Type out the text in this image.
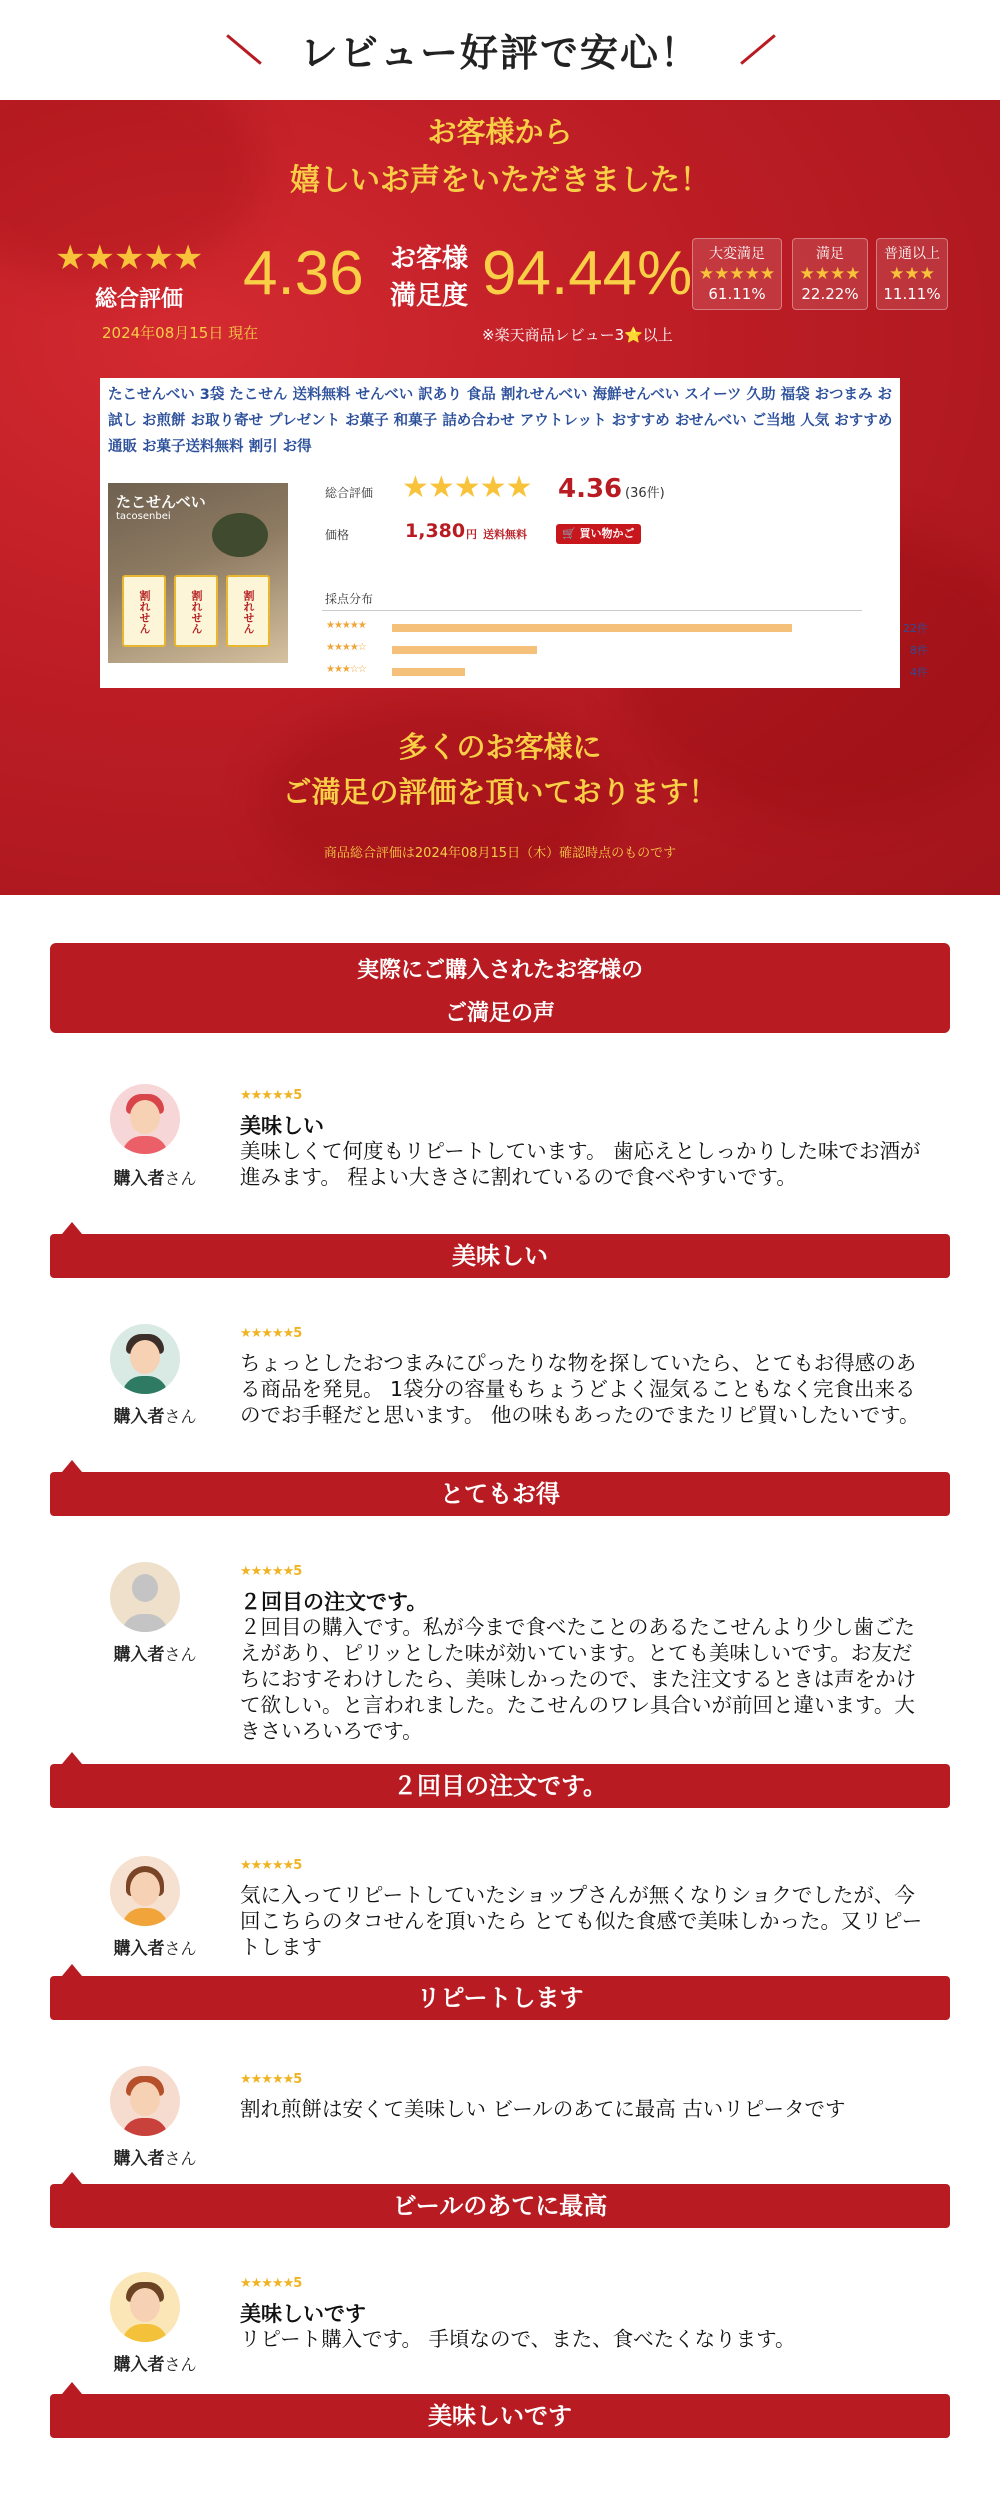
レビュー好評で安心！
お客様から
嬉しいお声をいただきました！
★★★★★
総合評価 4.36
2024年08月15日 現在
お客様
満足度 94.44%
※楽天商品レビュー3⭐以上
大変満足
★★★★★
61.11%
満足
★★★★
22.22%
普通以上
★★★
11.11%
たこせんべい 3袋 たこせん 送料無料 せんべい 訳あり 食品 割れせんべい 海鮮せんべい スイーツ 久助 福袋 おつまみ お試し お煎餅 お取り寄せ プレゼント お菓子 和菓子 詰め合わせ アウトレット おすすめ おせんべい ご当地 人気 おすすめ 通販 お菓子送料無料 割引 お得
たこせんべい
tacosenbei
割れせん	割れせん	割れせん
総合評価 ★★★★★ 4.36 (36件)
価格	1,380 円 送料無料	🛒 買い物かご
採点分布
★★★★★	22件
★★★★☆	8件
★★★☆☆	4件
多くのお客様に
ご満足の評価を頂いております！
商品総合評価は2024年08月15日（木）確認時点のものです
実際にご購入されたお客様の
ご満足の声
購入者さん
★★★★★5
美味しい
美味しくて何度もリピートしています。 歯応えとしっかりした味でお酒が進みます。 程よい大きさに割れているので食べやすいです。
美味しい
購入者さん
★★★★★5
ちょっとしたおつまみにぴったりな物を探していたら、とてもお得感のある商品を発見。 1袋分の容量もちょうどよく湿気ることもなく完食出来るのでお手軽だと思います。 他の味もあったのでまたリピ買いしたいです。
とてもお得
購入者さん
★★★★★5
２回目の注文です。
２回目の購入です。私が今まで食べたことのあるたこせんより少し歯ごたえがあり、ピリッとした味が効いています。とても美味しいです。お友だちにおすそわけしたら、美味しかったので、また注文するときは声をかけて欲しい。と言われました。たこせんのワレ具合いが前回と違います。大きさいろいろです。
２回目の注文です。
購入者さん
★★★★★5
気に入ってリピートしていたショップさんが無くなりショクでしたが、今回こちらのタコせんを頂いたら とても似た食感で美味しかった。又リピートします
リピートします
購入者さん
★★★★★5
割れ煎餅は安くて美味しい ビールのあてに最高 古いリピータです
ビールのあてに最高
購入者さん
★★★★★5
美味しいです
リピート購入です。 手頃なので、また、食べたくなります。
美味しいです
